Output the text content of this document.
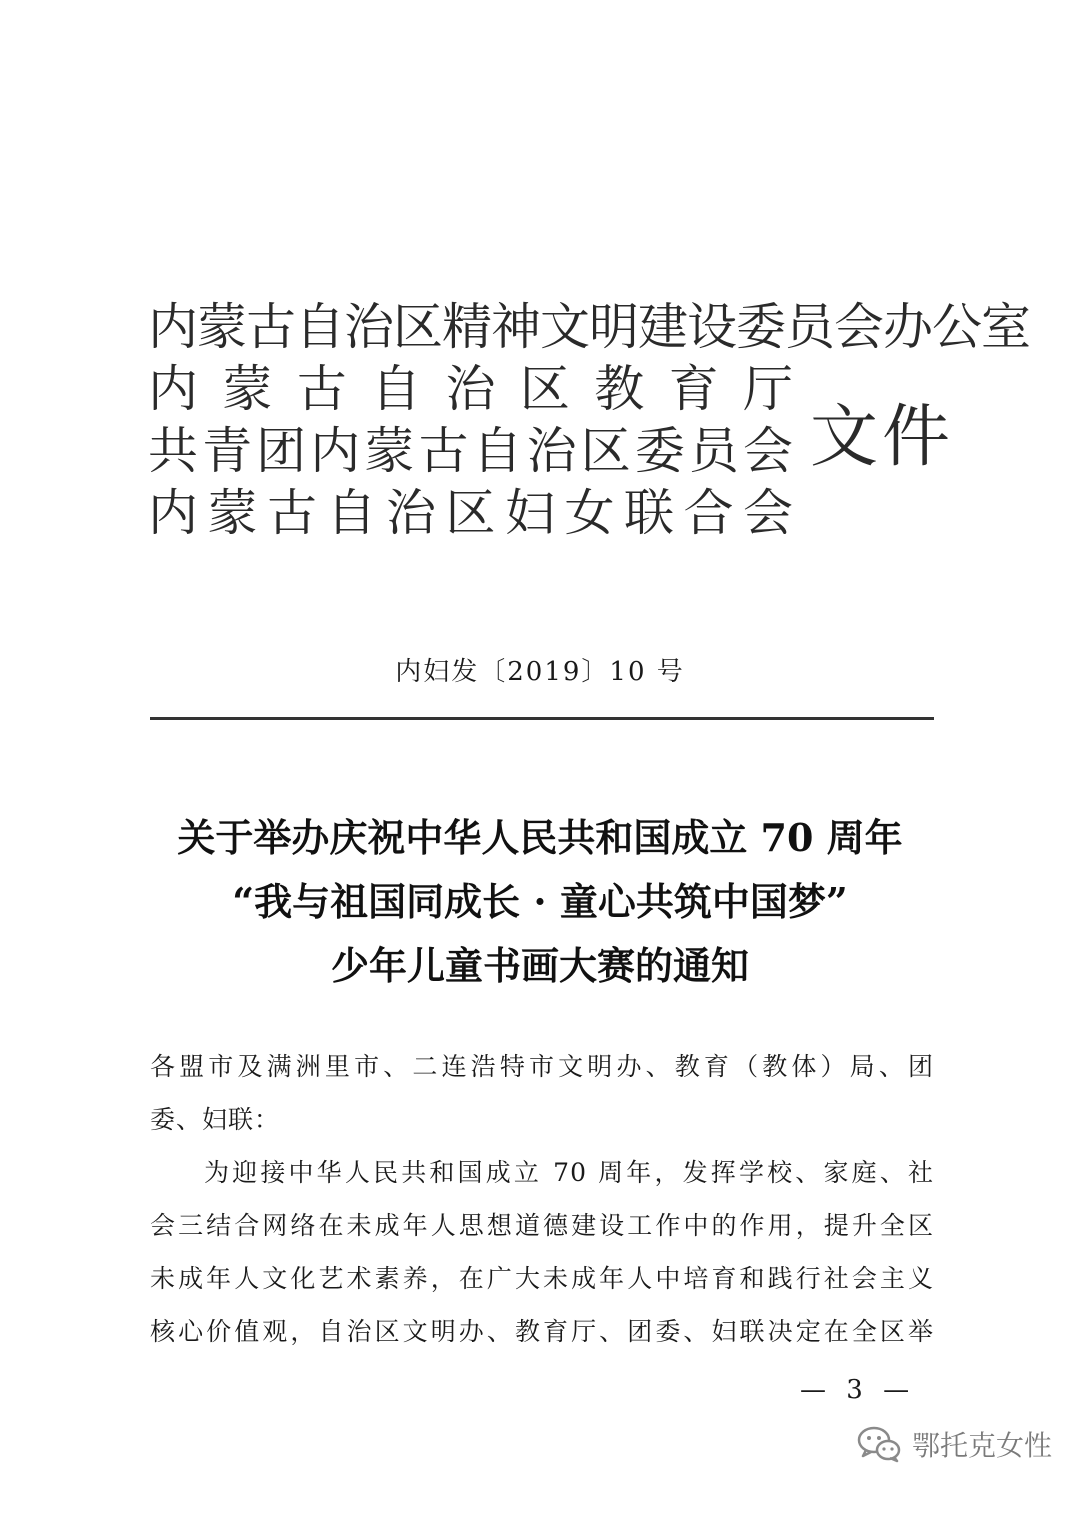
内蒙古自治区精神文明建设委员会办公室
内蒙古自治区教育厅
共青团内蒙古自治区委员会
内蒙古自治区妇女联合会
文件
内妇发〔2019〕10 号
关于举办庆祝中华人民共和国成立 70 周年
“我与祖国同成长 · 童心共筑中国梦”
少年儿童书画大赛的通知
各盟市及满洲里市、二连浩特市文明办、教育（教体）局、团
委、妇联：
为迎接中华人民共和国成立 70 周年，发挥学校、家庭、社
会三结合网络在未成年人思想道德建设工作中的作用，提升全区
未成年人文化艺术素养，在广大未成年人中培育和践行社会主义
核心价值观，自治区文明办、教育厅、团委、妇联决定在全区举
— 3 —
鄂托克女性
